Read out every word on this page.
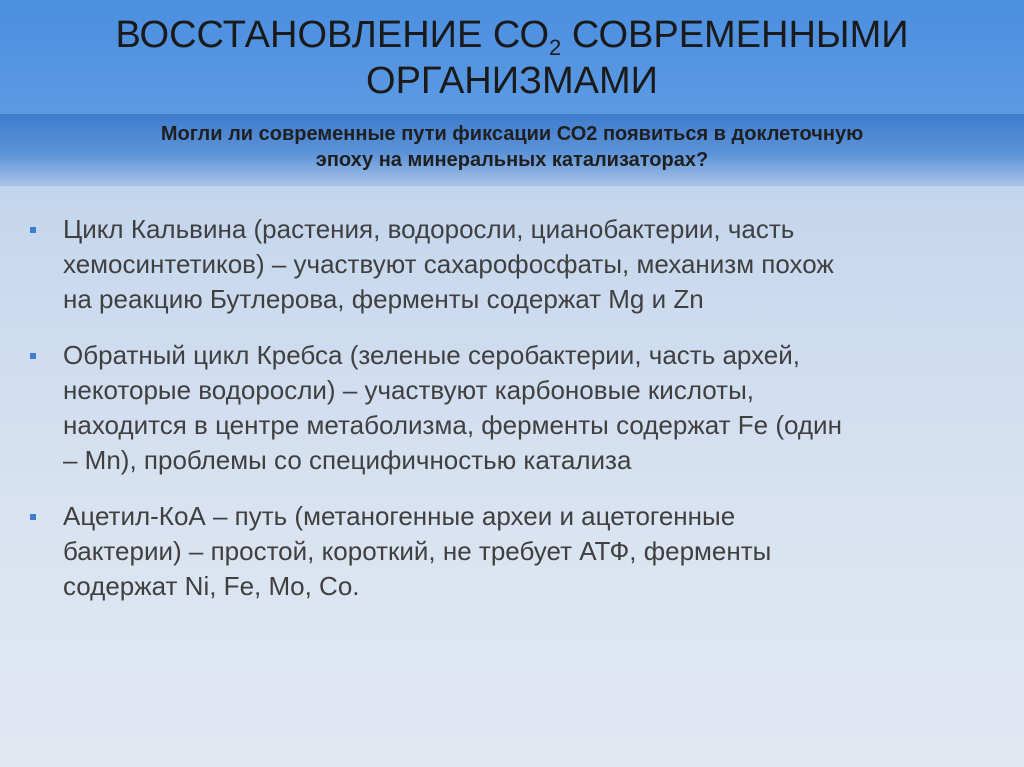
ВОССТАНОВЛЕНИЕ $СО_2$ СОВРЕМЕННЫМИ
ОРГАНИЗМАМИ
Могли ли современные пути фиксации СО2 появиться в доклеточную
эпоху на минеральных катализаторах?
Цикл Кальвина (растения, водоросли, цианобактерии, часть
хемосинтетиков) – участвуют сахарофосфаты, механизм похож
на реакцию Бутлерова, ферменты содержат Mg и Zn
Обратный цикл Кребса (зеленые серобактерии, часть архей,
некоторые водоросли) – участвуют карбоновые кислоты,
находится в центре метаболизма, ферменты содержат Fe (один
– Mn), проблемы со специфичностью катализа
Ацетил-КоА – путь (метаногенные археи и ацетогенные
бактерии) – простой, короткий, не требует АТФ, ферменты
содержат Ni, Fe, Mo, Co.
